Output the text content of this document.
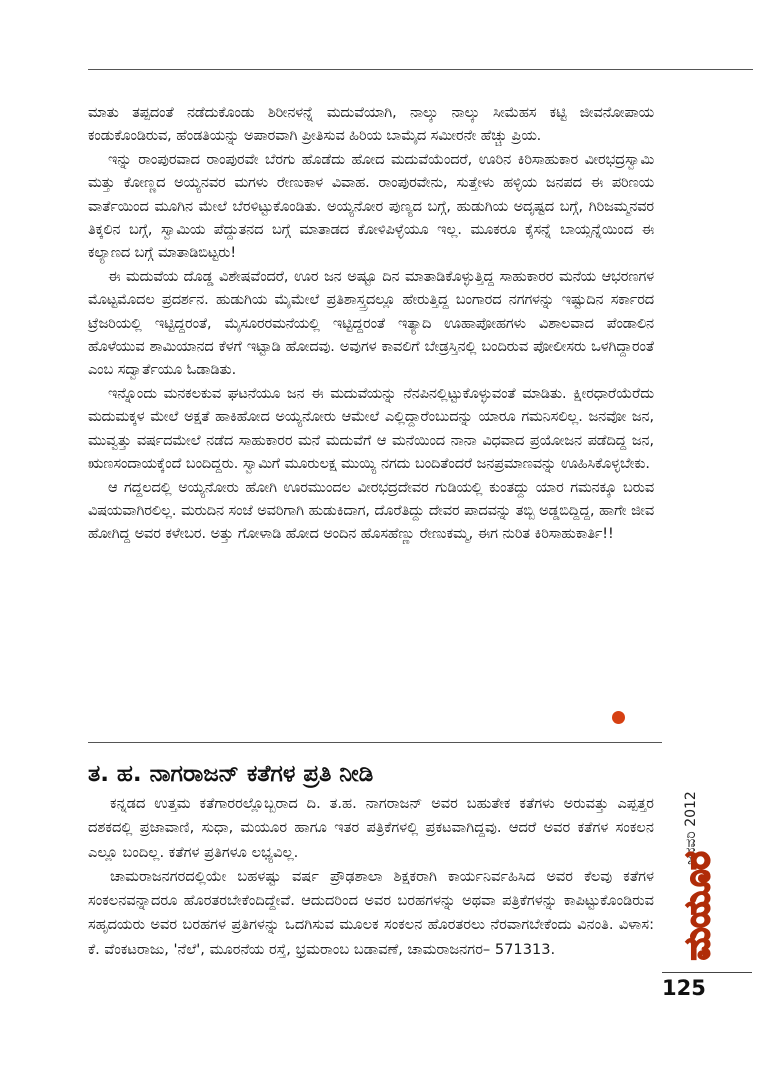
ಮಾತು ತಪ್ಪದಂತೆ ನಡೆದುಕೊಂಡು ಶಿರೀನಳನ್ನೆ ಮದುವೆಯಾಗಿ, ನಾಲ್ಕು ನಾಲ್ಕು ಸೀಮೆಹಸ ಕಟ್ಟಿ ಜೀವನೋಪಾಯ ಕಂಡುಕೊಂಡಿರುವ, ಹೆಂಡತಿಯನ್ನು ಅಪಾರವಾಗಿ ಪ್ರೀತಿಸುವ ಹಿರಿಯ ಬಾಮೈದ ಸಮೀರನೇ ಹೆಚ್ಚು ಪ್ರಿಯ.

ಇನ್ನು ರಾಂಪುರವಾದ ರಾಂಪುರವೇ ಬೆರಗು ಹೊಡೆದು ಹೋದ ಮದುವೆಯೆಂದರೆ, ಊರಿನ ಕಿರಿಸಾಹುಕಾರ ವೀರಭದ್ರಸ್ವಾಮಿ ಮತ್ತು ಕೋಣ್ಣದ ಅಯ್ಯನವರ ಮಗಳು ರೇಣುಕಾಳ ವಿವಾಹ. ರಾಂಪುರವೇನು, ಸುತ್ತೇಳು ಹಳ್ಳಿಯ ಜನಪದ ಈ ಪರಿಣಯ ವಾರ್ತೆಯಿಂದ ಮೂಗಿನ ಮೇಲೆ ಬೆರಳಿಟ್ಟುಕೊಂಡಿತು. ಅಯ್ಯನೋರ ಪುಣ್ಯದ ಬಗ್ಗೆ, ಹುಡುಗಿಯ ಅದೃಷ್ಟದ ಬಗ್ಗೆ, ಗಿರಿಜಮ್ಮನವರ ತಿಕ್ಕಲಿನ ಬಗ್ಗೆ, ಸ್ವಾಮಿಯ ಪೆದ್ದುತನದ ಬಗ್ಗೆ ಮಾತಾಡದ ಕೋಳಿಪಿಳ್ಳೆಯೂ ಇಲ್ಲ. ಮೂಕರೂ ಕೈಸನ್ನೆ ಬಾಯ್ಸನ್ನೆಯಿಂದ ಈ ಕಲ್ಯಾಣದ ಬಗ್ಗೆ ಮಾತಾಡಿಬಿಟ್ಟರು!

ಈ ಮದುವೆಯ ದೊಡ್ಡ ವಿಶೇಷವೆಂದರೆ, ಊರ ಜನ ಅಷ್ಟೂ ದಿನ ಮಾತಾಡಿಕೊಳ್ಳುತ್ತಿದ್ದ ಸಾಹುಕಾರರ ಮನೆಯ ಆಭರಣಗಳ ಮೊಟ್ಟಮೊದಲ ಪ್ರದರ್ಶನ. ಹುಡುಗಿಯ ಮೈಮೇಲೆ ಪ್ರತಿಶಾಸ್ತ್ರದಲ್ಲೂ ಹೇರುತ್ತಿದ್ದ ಬಂಗಾರದ ನಗಗಳನ್ನು ಇಷ್ಟುದಿನ ಸರ್ಕಾರದ ಟ್ರೆಜರಿಯಲ್ಲಿ ಇಟ್ಟಿದ್ದರಂತೆ, ಮೈಸೂರರಮನೆಯಲ್ಲಿ ಇಟ್ಟಿದ್ದರಂತೆ ಇತ್ಯಾದಿ ಊಹಾಪೋಹಗಳು ವಿಶಾಲವಾದ ಪೆಂಡಾಲಿನ ಹೊಳೆಯುವ ಶಾಮಿಯಾನದ ಕೆಳಗೆ ಇಟ್ಟಾಡಿ ಹೋದವು. ಅವುಗಳ ಕಾವಲಿಗೆ ಬೇಡ್ರಸ್ತಿನಲ್ಲಿ ಬಂದಿರುವ ಪೋಲೀಸರು ಒಳಗಿದ್ದಾರಂತೆ ಎಂಬ ಸದ್ವಾರ್ತೆಯೂ ಓಡಾಡಿತು.

ಇನ್ನೊಂದು ಮನಕಲಕುವ ಘಟನೆಯೂ ಜನ ಈ ಮದುವೆಯನ್ನು ನೆನಪಿನಲ್ಲಿಟ್ಟುಕೊಳ್ಳುವಂತೆ ಮಾಡಿತು. ಕ್ಷೀರಧಾರೆಯೆರೆದು ಮದುಮಕ್ಕಳ ಮೇಲೆ ಅಕ್ಷತೆ ಹಾಕಿಹೋದ ಅಯ್ಯನೋರು ಆಮೇಲೆ ಎಲ್ಲಿದ್ದಾರೆಂಬುದನ್ನು ಯಾರೂ ಗಮನಿಸಲಿಲ್ಲ. ಜನವೋ ಜನ, ಮುವ್ವತ್ತು ವರ್ಷದಮೇಲೆ ನಡೆದ ಸಾಹುಕಾರರ ಮನೆ ಮದುವೆಗೆ ಆ ಮನೆಯಿಂದ ನಾನಾ ವಿಧವಾದ ಪ್ರಯೋಜನ ಪಡೆದಿದ್ದ ಜನ, ಋಣಸಂದಾಯಕ್ಕೆಂದೆ ಬಂದಿದ್ದರು. ಸ್ವಾಮಿಗೆ ಮೂರುಲಕ್ಷ ಮುಯ್ಯಿ ನಗದು ಬಂದಿತೆಂದರೆ ಜನಪ್ರಮಾಣವನ್ನು ಊಹಿಸಿಕೊಳ್ಳಬೇಕು.

ಆ ಗದ್ದಲದಲ್ಲಿ ಅಯ್ಯನೋರು ಹೋಗಿ ಊರಮುಂದಲ ವೀರಭದ್ರದೇವರ ಗುಡಿಯಲ್ಲಿ ಕುಂತದ್ದು ಯಾರ ಗಮನಕ್ಕೂ ಬರುವ ವಿಷಯವಾಗಿರಲಿಲ್ಲ. ಮರುದಿನ ಸಂಜೆ ಅವರಿಗಾಗಿ ಹುಡುಕಿದಾಗ, ದೊರೆತಿದ್ದು ದೇವರ ಪಾದವನ್ನು ತಬ್ಬಿ ಅಡ್ಡಬಿದ್ದಿದ್ದ, ಹಾಗೇ ಜೀವ ಹೋಗಿದ್ದ ಅವರ ಕಳೇಬರ. ಅತ್ತು ಗೋಳಾಡಿ ಹೋದ ಅಂದಿನ ಹೊಸಹೆಣ್ಣು ರೇಣುಕಮ್ಮ, ಈಗ ನುರಿತ ಕಿರಿಸಾಹುಕಾರ್ತಿ!!

ತ. ಹ. ನಾಗರಾಜನ್ ಕತೆಗಳ ಪ್ರತಿ ನೀಡಿ

ಕನ್ನಡದ ಉತ್ತಮ ಕತೆಗಾರರಲ್ಲೊಬ್ಬರಾದ ದಿ. ತ.ಹ. ನಾಗರಾಜನ್ ಅವರ ಬಹುತೇಕ ಕತೆಗಳು ಅರುವತ್ತು ಎಪ್ಪತ್ತರ ದಶಕದಲ್ಲಿ ಪ್ರಜಾವಾಣಿ, ಸುಧಾ, ಮಯೂರ ಹಾಗೂ ಇತರ ಪತ್ರಿಕೆಗಳಲ್ಲಿ ಪ್ರಕಟವಾಗಿದ್ದವು. ಆದರೆ ಅವರ ಕತೆಗಳ ಸಂಕಲನ ಎಲ್ಲೂ ಬಂದಿಲ್ಲ. ಕತೆಗಳ ಪ್ರತಿಗಳೂ ಲಭ್ಯವಿಲ್ಲ.

ಚಾಮರಾಜನಗರದಲ್ಲಿಯೇ ಬಹಳಷ್ಟು ವರ್ಷ ಪ್ರೌಢಶಾಲಾ ಶಿಕ್ಷಕರಾಗಿ ಕಾರ್ಯನಿರ್ವಹಿಸಿದ ಅವರ ಕೆಲವು ಕತೆಗಳ ಸಂಕಲನವನ್ನಾದರೂ ಹೊರತರಬೇಕೆಂದಿದ್ದೇವೆ. ಆದುದರಿಂದ ಅವರ ಬರಹಗಳನ್ನು ಅಥವಾ ಪತ್ರಿಕೆಗಳನ್ನು ಕಾಪಿಟ್ಟುಕೊಂಡಿರುವ ಸಹೃದಯರು ಅವರ ಬರಹಗಳ ಪ್ರತಿಗಳನ್ನು ಒದಗಿಸುವ ಮೂಲಕ ಸಂಕಲನ ಹೊರತರಲು ನೆರವಾಗಬೇಕೆಂದು ವಿನಂತಿ. ವಿಳಾಸ: ಕೆ. ವೆಂಕಟರಾಜು, 'ನೆಲೆ', ಮೂರನೆಯ ರಸ್ತೆ, ಭ್ರಮರಾಂಬ ಬಡಾವಣೆ, ಚಾಮರಾಜನಗರ– 571313.

ಜನವರಿ 2012
ಮಯೂರ
125
